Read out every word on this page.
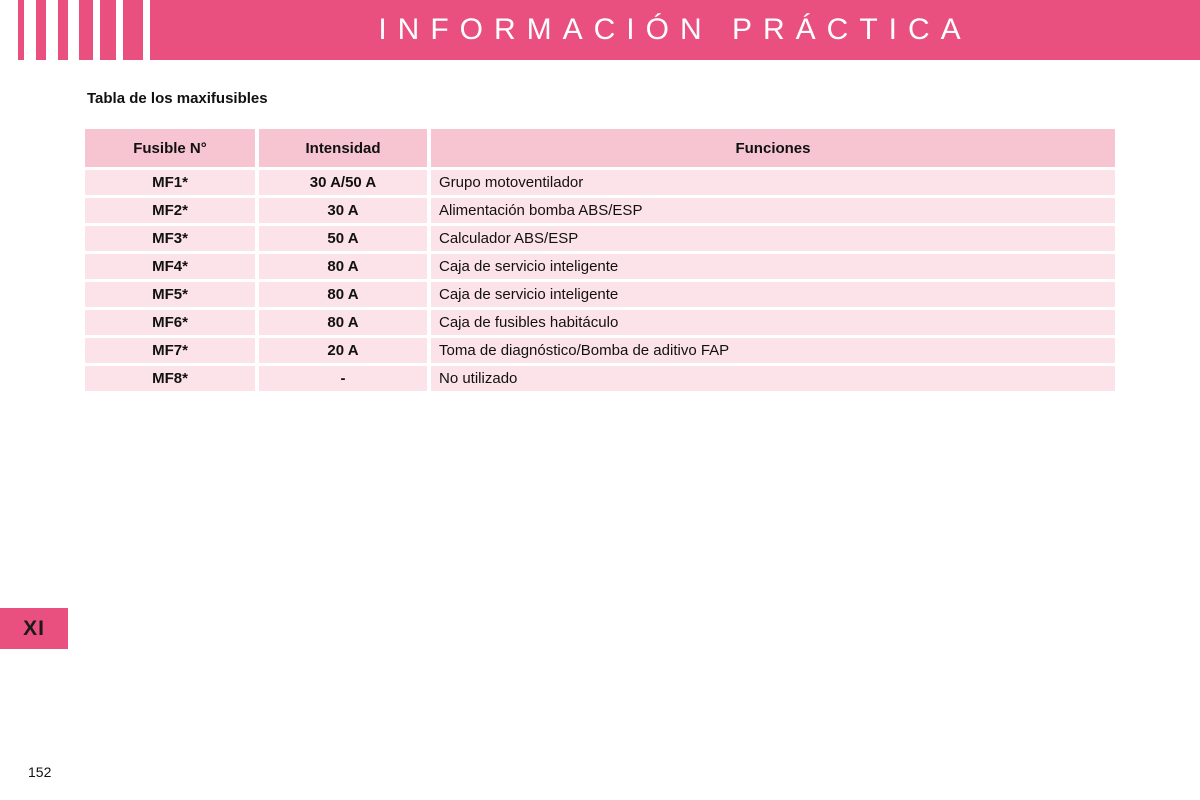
INFORMACIÓN PRÁCTICA
Tabla de los maxifusibles
Fusible N°	Intensidad	Funciones
MF1*	30 A/50 A	Grupo motoventilador
MF2*	30 A	Alimentación bomba ABS/ESP
MF3*	50 A	Calculador ABS/ESP
MF4*	80 A	Caja de servicio inteligente
MF5*	80 A	Caja de servicio inteligente
MF6*	80 A	Caja de fusibles habitáculo
MF7*	20 A	Toma de diagnóstico/Bomba de aditivo FAP
MF8*	-	No utilizado
XI
152
